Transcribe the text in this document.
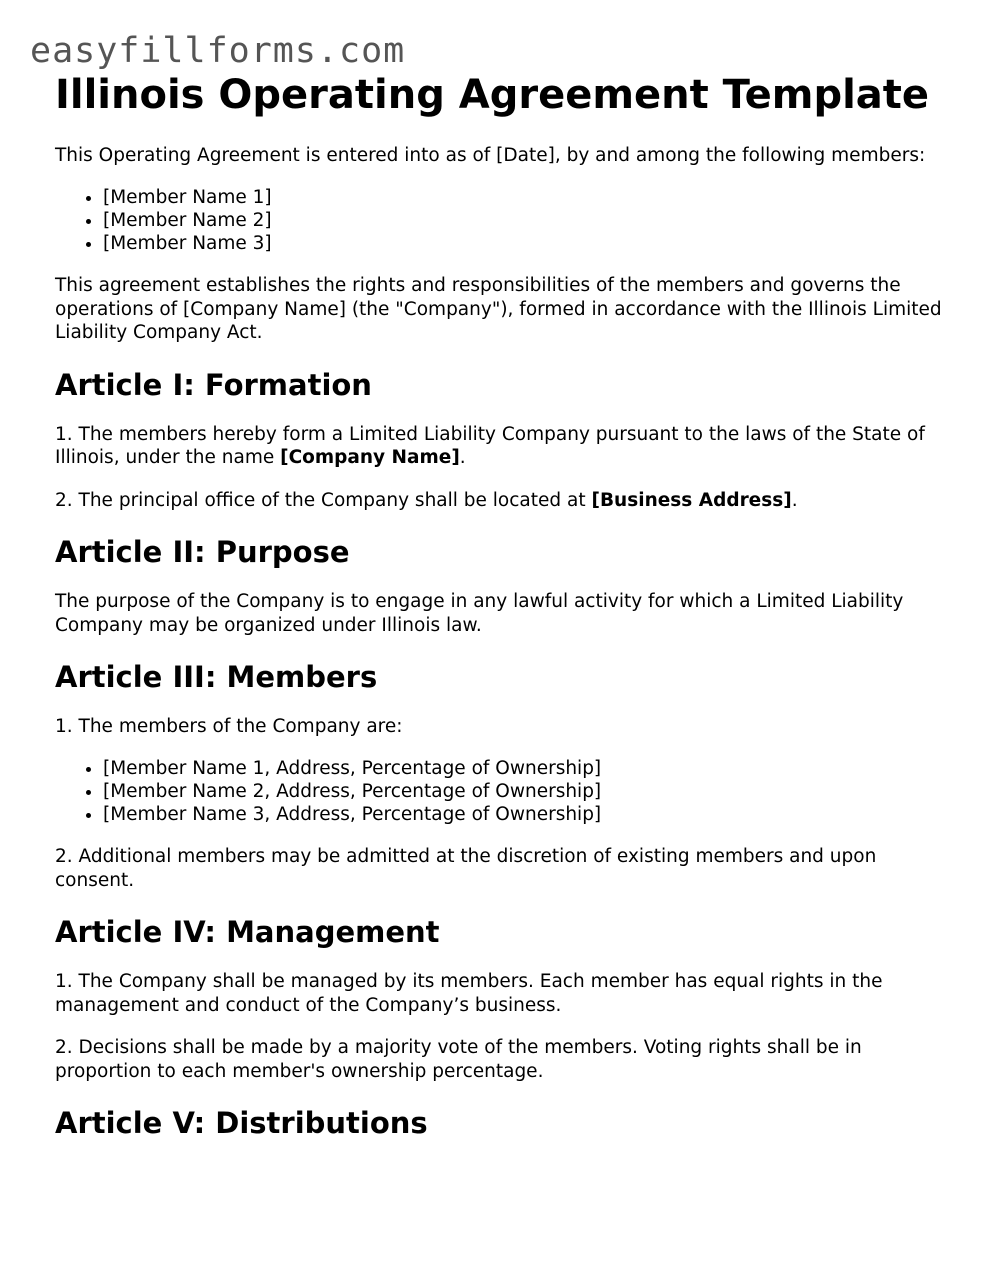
easyfillforms.com
Illinois Operating Agreement Template

This Operating Agreement is entered into as of [Date], by and among the following members:

• [Member Name 1]
• [Member Name 2]
• [Member Name 3]

This agreement establishes the rights and responsibilities of the members and governs the operations of [Company Name] (the "Company"), formed in accordance with the Illinois Limited Liability Company Act.

Article I: Formation

1. The members hereby form a Limited Liability Company pursuant to the laws of the State of Illinois, under the name [Company Name].

2. The principal office of the Company shall be located at [Business Address].

Article II: Purpose

The purpose of the Company is to engage in any lawful activity for which a Limited Liability Company may be organized under Illinois law.

Article III: Members

1. The members of the Company are:

• [Member Name 1, Address, Percentage of Ownership]
• [Member Name 2, Address, Percentage of Ownership]
• [Member Name 3, Address, Percentage of Ownership]

2. Additional members may be admitted at the discretion of existing members and upon consent.

Article IV: Management

1. The Company shall be managed by its members. Each member has equal rights in the management and conduct of the Company’s business.

2. Decisions shall be made by a majority vote of the members. Voting rights shall be in proportion to each member's ownership percentage.

Article V: Distributions
